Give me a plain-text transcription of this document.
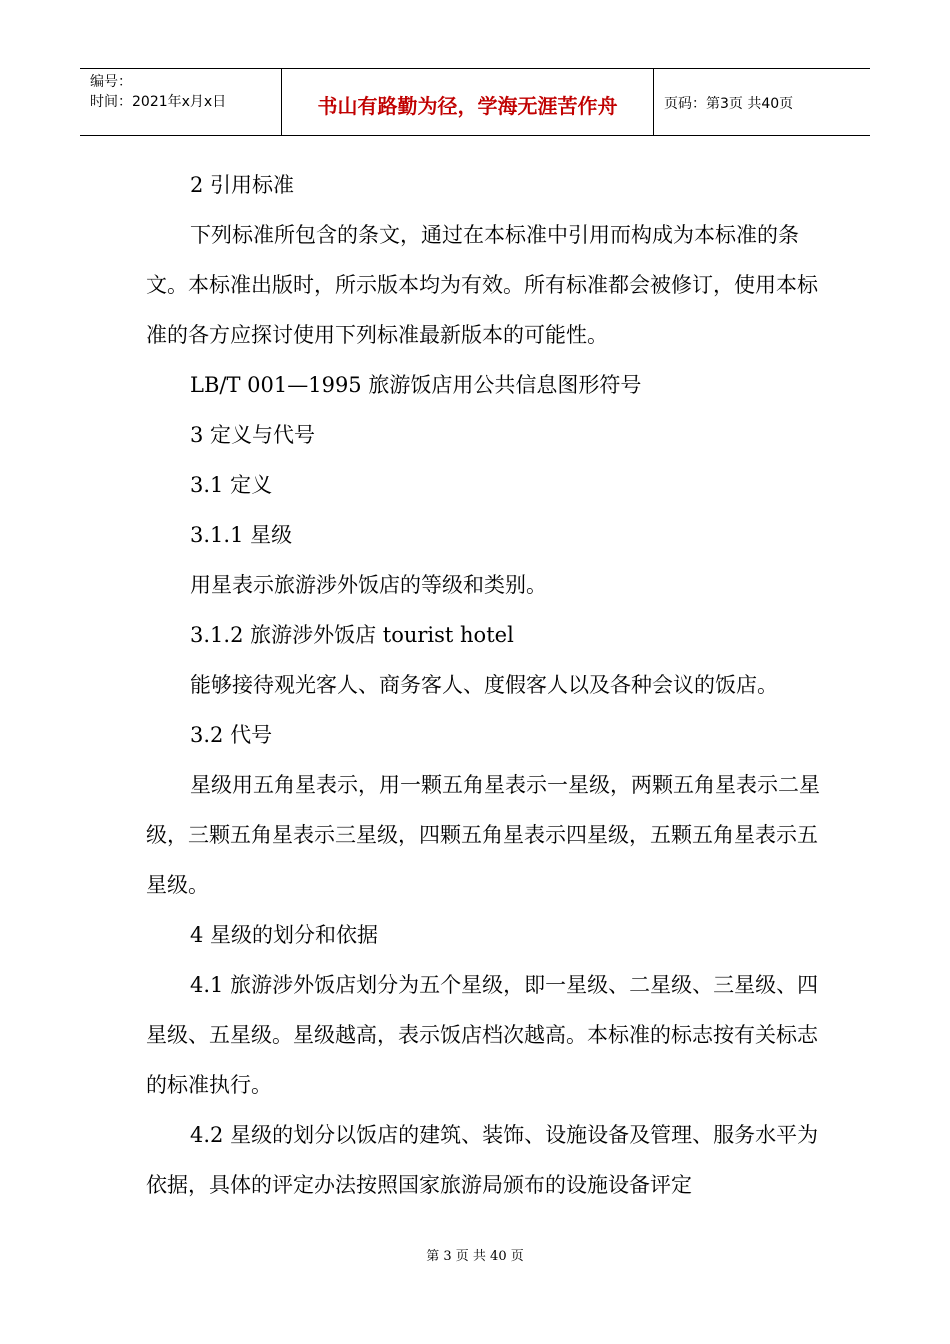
编号：
时间：2021年x月x日	书山有路勤为径，学海无涯苦作舟	页码：第3页 共40页

2 引用标准

下列标准所包含的条文，通过在本标准中引用而构成为本标准的条文。本标准出版时，所示版本均为有效。所有标准都会被修订，使用本标准的各方应探讨使用下列标准最新版本的可能性。

LB/T 001—1995 旅游饭店用公共信息图形符号

3 定义与代号

3.1 定义

3.1.1 星级

用星表示旅游涉外饭店的等级和类别。

3.1.2 旅游涉外饭店 tourist hotel

能够接待观光客人、商务客人、度假客人以及各种会议的饭店。

3.2 代号

星级用五角星表示，用一颗五角星表示一星级，两颗五角星表示二星级，三颗五角星表示三星级，四颗五角星表示四星级，五颗五角星表示五星级。

4 星级的划分和依据

4.1 旅游涉外饭店划分为五个星级，即一星级、二星级、三星级、四星级、五星级。星级越高，表示饭店档次越高。本标准的标志按有关标志的标准执行。

4.2 星级的划分以饭店的建筑、装饰、设施设备及管理、服务水平为依据，具体的评定办法按照国家旅游局颁布的设施设备评定

第 3 页 共 40 页
